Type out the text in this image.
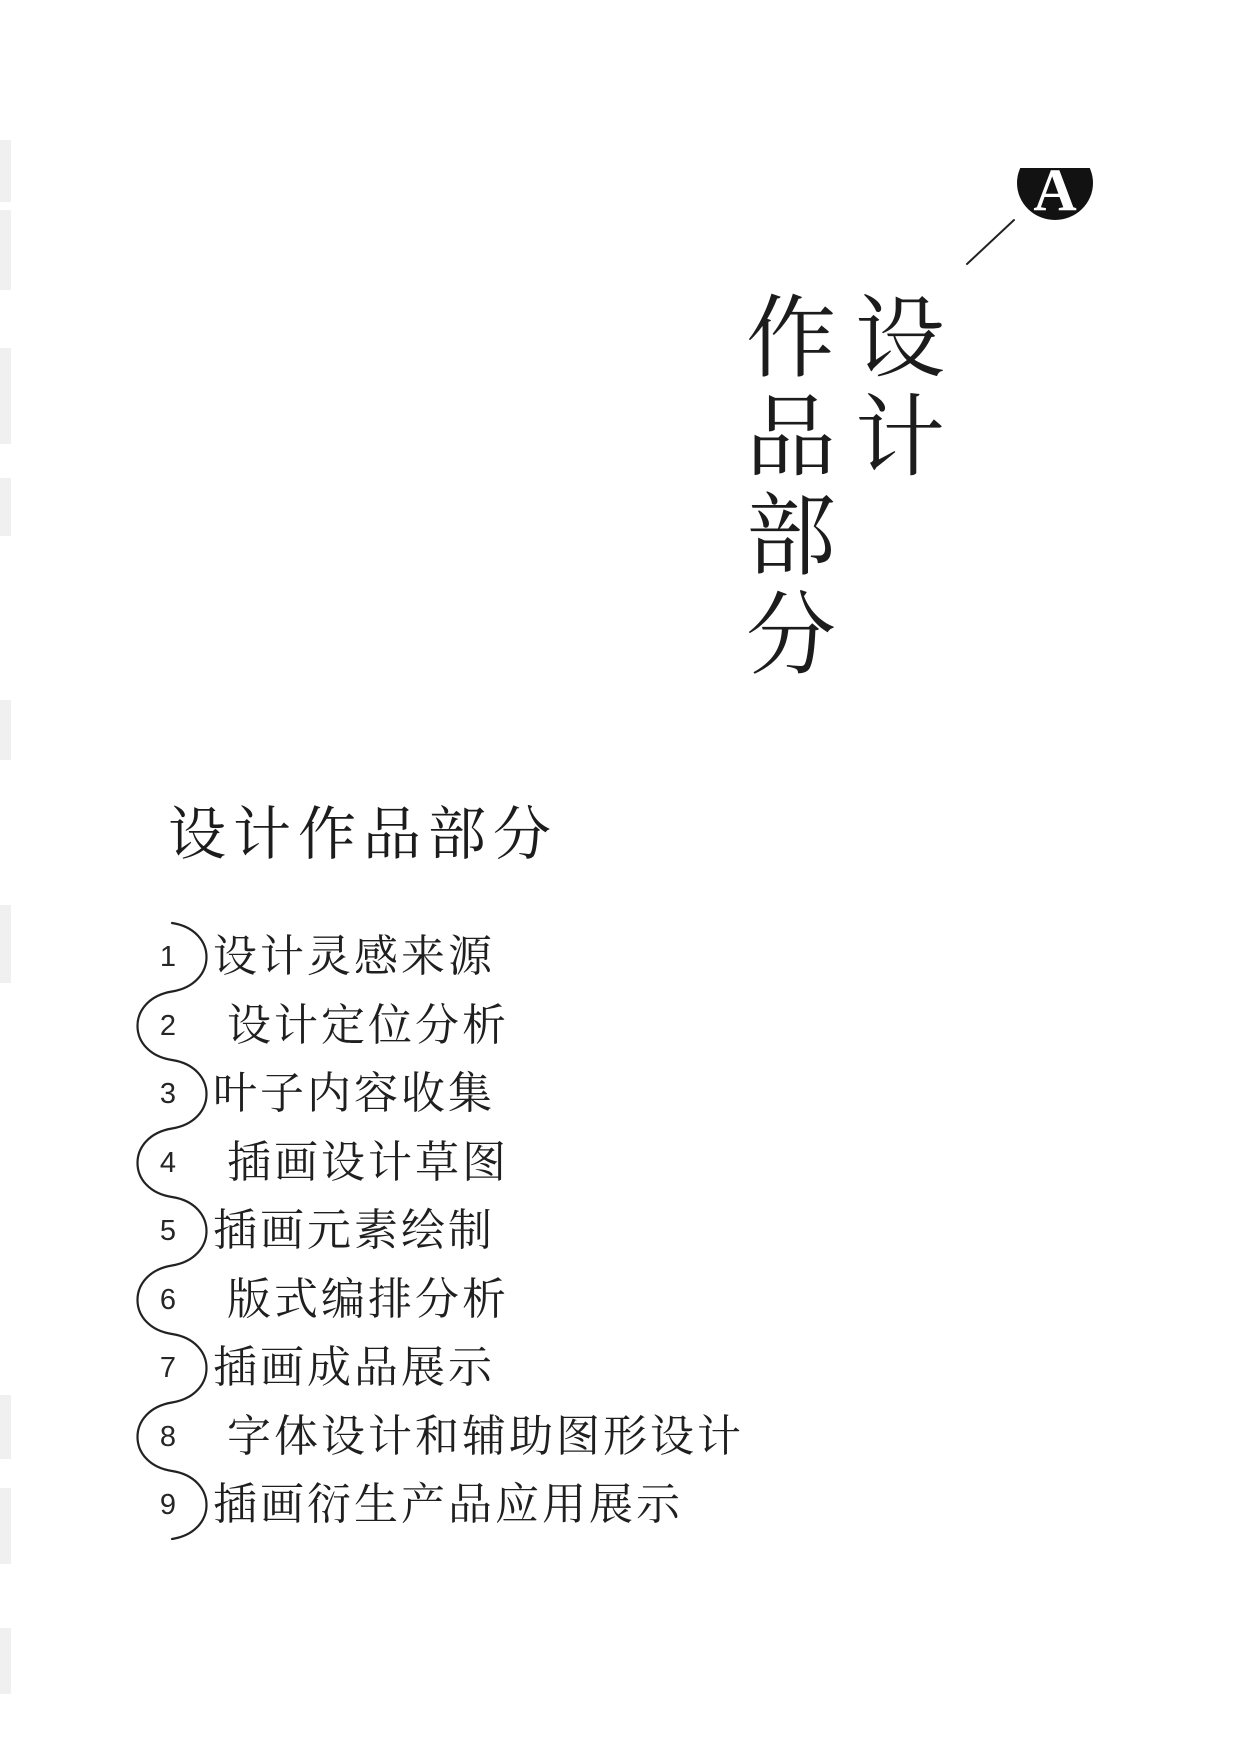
A
设计
作品部分
设计作品部分
1 设计灵感来源
2	设计定位分析
3 叶子内容收集
4	插画设计草图
5 插画元素绘制
6	版式编排分析
7 插画成品展示
8	字体设计和辅助图形设计
9 插画衍生产品应用展示
